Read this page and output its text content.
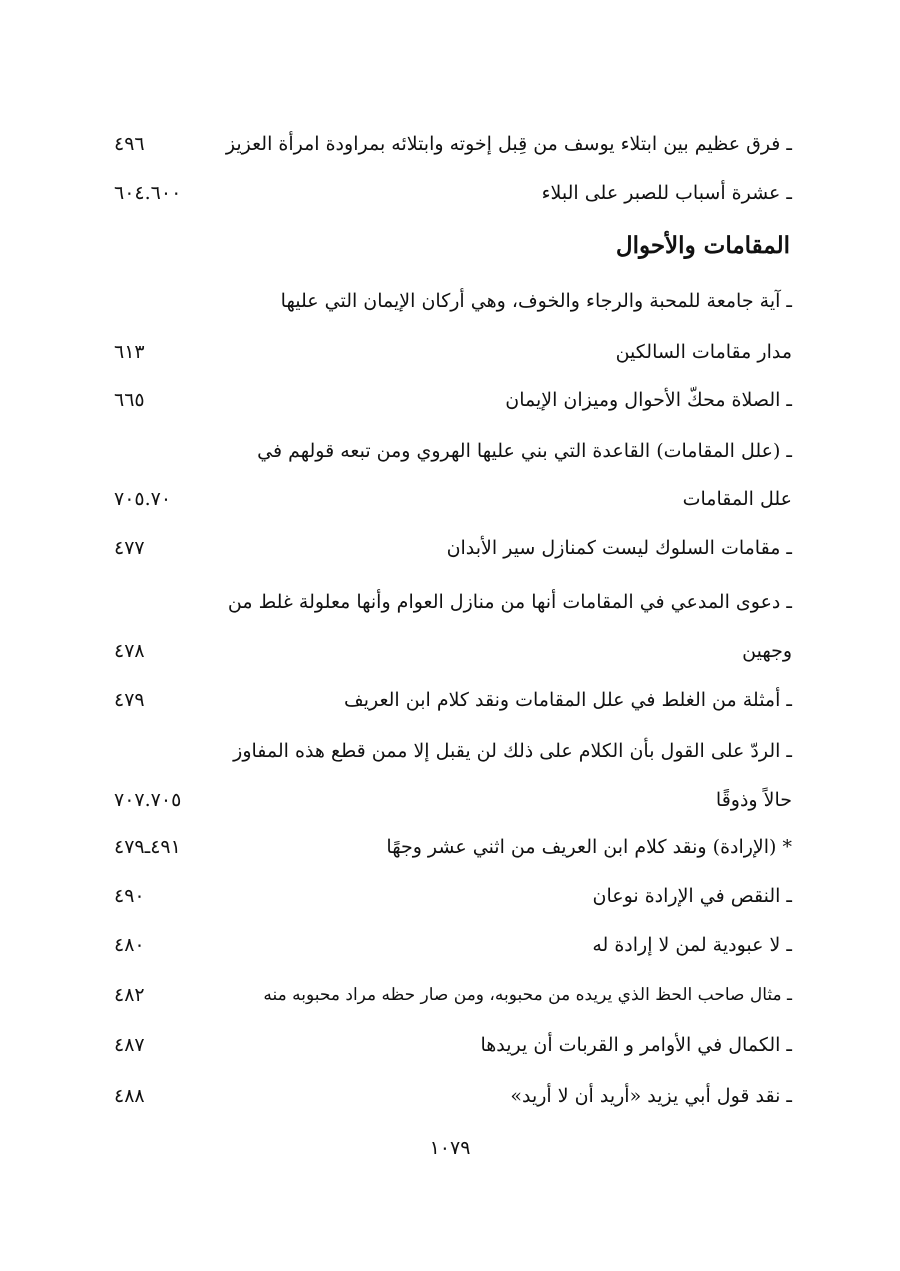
ـ فرق عظيم بين ابتلاء يوسف من قِبل إخوته وابتلائه بمراودة امرأة العزيز
٤٩٦
ـ عشرة أسباب للصبر على البلاء
٦٠٤.٦٠٠
المقامات والأحوال
ـ آية جامعة للمحبة والرجاء والخوف، وهي أركان الإيمان التي عليها
مدار مقامات السالكين
٦١٣
ـ الصلاة محكّ الأحوال وميزان الإيمان
٦٦٥
ـ (علل المقامات) القاعدة التي بني عليها الهروي ومن تبعه قولهم في
علل المقامات
٧٠٥.٧٠
ـ مقامات السلوك ليست كمنازل سير الأبدان
٤٧٧
ـ دعوى المدعي في المقامات أنها من منازل العوام وأنها معلولة غلط من
وجهين
٤٧٨
ـ أمثلة من الغلط في علل المقامات ونقد كلام ابن العريف
٤٧٩
ـ الردّ على القول بأن الكلام على ذلك لن يقبل إلا ممن قطع هذه المفاوز
حالاً وذوقًا
٧٠٧.٧٠٥
* (الإرادة) ونقد كلام ابن العريف من اثني عشر وجهًا
٤٩١ـ٤٧٩
ـ النقص في الإرادة نوعان
٤٩٠
ـ لا عبودية لمن لا إرادة له
٤٨٠
ـ مثال صاحب الحظ الذي يريده من محبوبه، ومن صار حظه مراد محبوبه منه
٤٨٢
ـ الكمال في الأوامر و القربات أن يريدها
٤٨٧
ـ نقد قول أبي يزيد «أريد أن لا أريد»
٤٨٨
١٠٧٩
